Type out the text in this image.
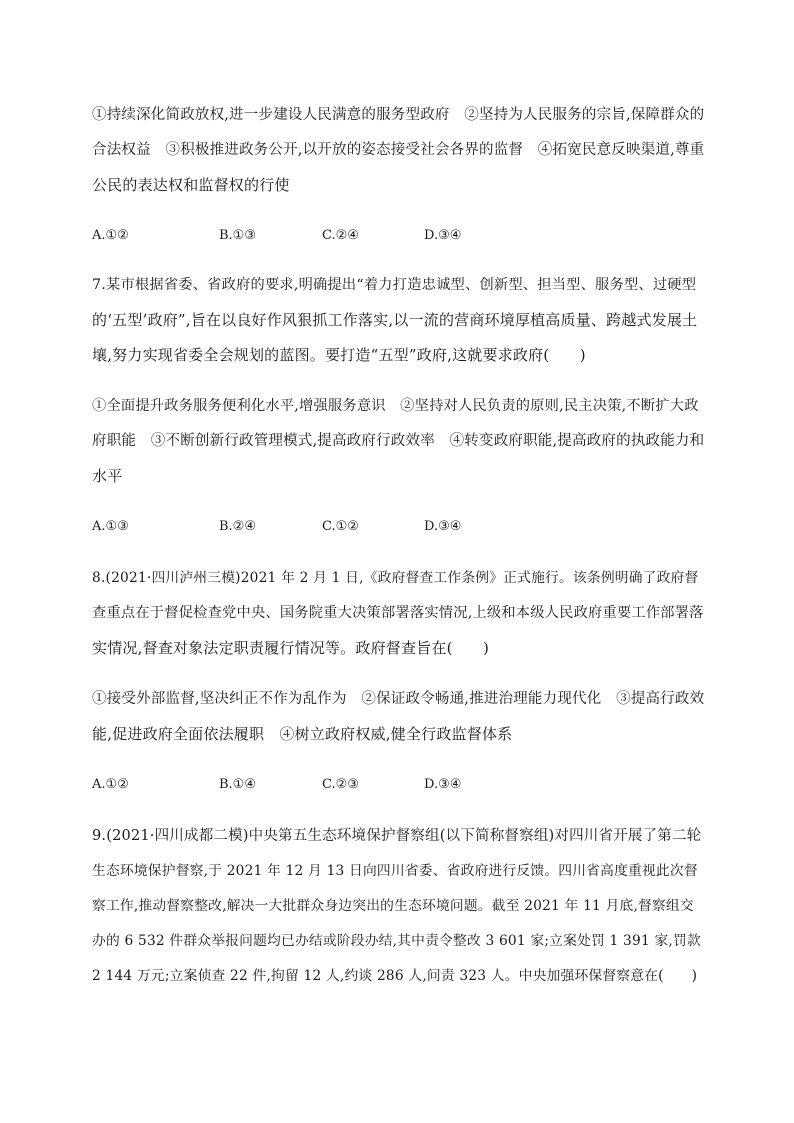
①持续深化简政放权,进一步建设人民满意的服务型政府　②坚持为人民服务的宗旨,保障群众的
合法权益　③积极推进政务公开,以开放的姿态接受社会各界的监督　④拓宽民意反映渠道,尊重
公民的表达权和监督权的行使
A.①②	B.①③	C.②④	D.③④
7.某市根据省委、省政府的要求,明确提出“着力打造忠诚型、创新型、担当型、服务型、过硬型
的‘五型’政府”,旨在以良好作风狠抓工作落实,以一流的营商环境厚植高质量、跨越式发展土
壤,努力实现省委全会规划的蓝图。要打造“五型”政府,这就要求政府(　　)
①全面提升政务服务便利化水平,增强服务意识　②坚持对人民负责的原则,民主决策,不断扩大政
府职能　③不断创新行政管理模式,提高政府行政效率　④转变政府职能,提高政府的执政能力和
水平
A.①③	B.②④	C.①②	D.③④
8.(2021·四川泸州三模)2021 年 2 月 1 日,《政府督查工作条例》正式施行。该条例明确了政府督
查重点在于督促检查党中央、国务院重大决策部署落实情况,上级和本级人民政府重要工作部署落
实情况,督查对象法定职责履行情况等。政府督查旨在(　　)
①接受外部监督,坚决纠正不作为乱作为　②保证政令畅通,推进治理能力现代化　③提高行政效
能,促进政府全面依法履职　④树立政府权威,健全行政监督体系
A.①②	B.①④	C.②③	D.③④
9.(2021·四川成都二模)中央第五生态环境保护督察组(以下简称督察组)对四川省开展了第二轮
生态环境保护督察,于 2021 年 12 月 13 日向四川省委、省政府进行反馈。四川省高度重视此次督
察工作,推动督察整改,解决一大批群众身边突出的生态环境问题。截至 2021 年 11 月底,督察组交
办的 6 532 件群众举报问题均已办结或阶段办结,其中责令整改 3 601 家;立案处罚 1 391 家,罚款
2 144 万元;立案侦查 22 件,拘留 12 人,约谈 286 人,问责 323 人。中央加强环保督察意在(　　)
